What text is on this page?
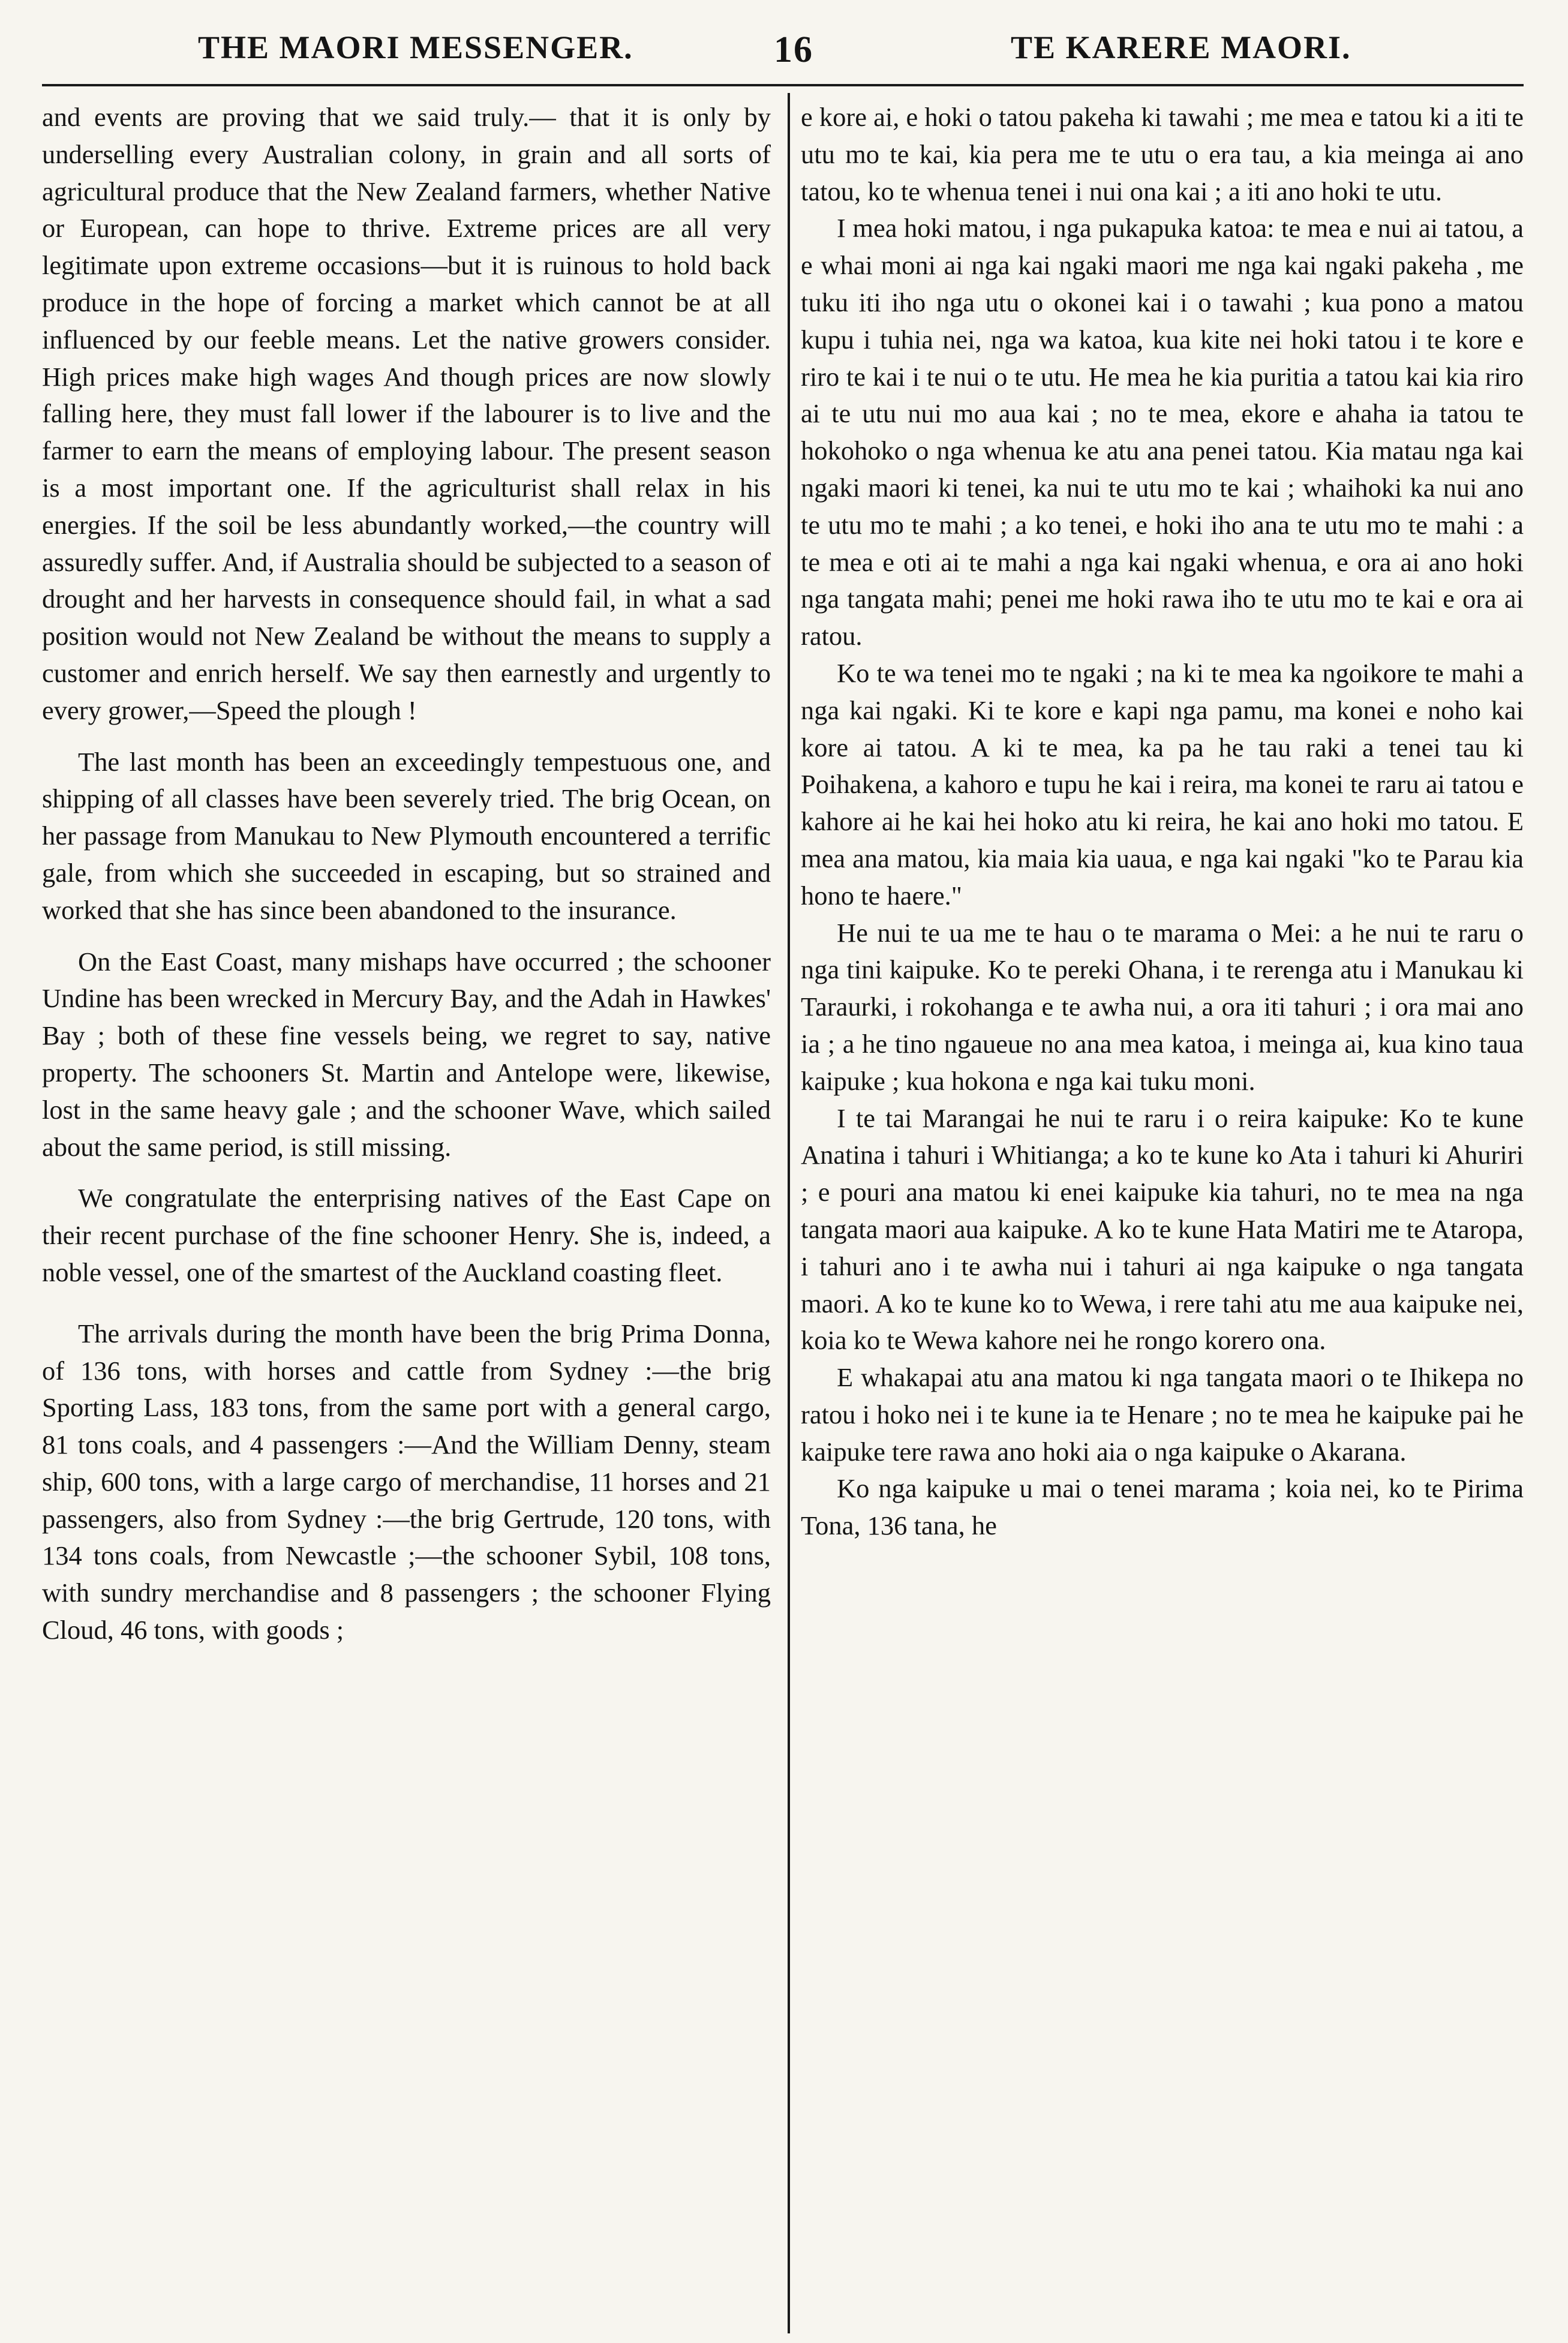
THE MAORI MESSENGER.	16	TE KARERE MAORI.

and events are proving that we said truly.— that it is only by underselling every Australian colony, in grain and all sorts of agricultural produce that the New Zealand farmers, whether Native or European, can hope to thrive. Extreme prices are all very legitimate upon extreme occasions—but it is ruinous to hold back produce in the hope of forcing a market which cannot be at all influenced by our feeble means. Let the native growers consider. High prices make high wages And though prices are now slowly falling here, they must fall lower if the labourer is to live and the farmer to earn the means of employing labour. The present season is a most important one. If the agriculturist shall relax in his energies. If the soil be less abundantly worked,—the country will assuredly suffer. And, if Australia should be subjected to a season of drought and her harvests in consequence should fail, in what a sad position would not New Zealand be without the means to supply a customer and enrich herself. We say then earnestly and urgently to every grower,—Speed the plough !

The last month has been an exceedingly tempestuous one, and shipping of all classes have been severely tried. The brig Ocean, on her passage from Manukau to New Plymouth encountered a terrific gale, from which she succeeded in escaping, but so strained and worked that she has since been abandoned to the insurance.

On the East Coast, many mishaps have occurred ; the schooner Undine has been wrecked in Mercury Bay, and the Adah in Hawkes' Bay ; both of these fine vessels being, we regret to say, native property. The schooners St. Martin and Antelope were, likewise, lost in the same heavy gale ; and the schooner Wave, which sailed about the same period, is still missing.

We congratulate the enterprising natives of the East Cape on their recent purchase of the fine schooner Henry. She is, indeed, a noble vessel, one of the smartest of the Auckland coasting fleet.

The arrivals during the month have been the brig Prima Donna, of 136 tons, with horses and cattle from Sydney :—the brig Sporting Lass, 183 tons, from the same port with a general cargo, 81 tons coals, and 4 passengers :—And the William Denny, steam ship, 600 tons, with a large cargo of merchandise, 11 horses and 21 passengers, also from Sydney :—the brig Gertrude, 120 tons, with 134 tons coals, from Newcastle ;—the schooner Sybil, 108 tons, with sundry merchandise and 8 passengers ; the schooner Flying Cloud, 46 tons, with goods ;

e kore ai, e hoki o tatou pakeha ki tawahi ; me mea e tatou ki a iti te utu mo te kai, kia pera me te utu o era tau, a kia meinga ai ano tatou, ko te whenua tenei i nui ona kai ; a iti ano hoki te utu.

I mea hoki matou, i nga pukapuka katoa: te mea e nui ai tatou, a e whai moni ai nga kai ngaki maori me nga kai ngaki pakeha , me tuku iti iho nga utu o okonei kai i o tawahi ; kua pono a matou kupu i tuhia nei, nga wa katoa, kua kite nei hoki tatou i te kore e riro te kai i te nui o te utu. He mea he kia puritia a tatou kai kia riro ai te utu nui mo aua kai ; no te mea, ekore e ahaha ia tatou te hokohoko o nga whenua ke atu ana penei tatou. Kia matau nga kai ngaki maori ki tenei, ka nui te utu mo te kai ; whaihoki ka nui ano te utu mo te mahi ; a ko tenei, e hoki iho ana te utu mo te mahi : a te mea e oti ai te mahi a nga kai ngaki whenua, e ora ai ano hoki nga tangata mahi; penei me hoki rawa iho te utu mo te kai e ora ai ratou.

Ko te wa tenei mo te ngaki ; na ki te mea ka ngoikore te mahi a nga kai ngaki. Ki te kore e kapi nga pamu, ma konei e noho kai kore ai tatou. A ki te mea, ka pa he tau raki a tenei tau ki Poihakena, a kahoro e tupu he kai i reira, ma konei te raru ai tatou e kahore ai he kai hei hoko atu ki reira, he kai ano hoki mo tatou. E mea ana matou, kia maia kia uaua, e nga kai ngaki "ko te Parau kia hono te haere."

He nui te ua me te hau o te marama o Mei: a he nui te raru o nga tini kaipuke. Ko te pereki Ohana, i te rerenga atu i Manukau ki Taraurki, i rokohanga e te awha nui, a ora iti tahuri ; i ora mai ano ia ; a he tino ngaueue no ana mea katoa, i meinga ai, kua kino taua kaipuke ; kua hokona e nga kai tuku moni.

I te tai Marangai he nui te raru i o reira kaipuke: Ko te kune Anatina i tahuri i Whitianga; a ko te kune ko Ata i tahuri ki Ahuriri ; e pouri ana matou ki enei kaipuke kia tahuri, no te mea na nga tangata maori aua kaipuke. A ko te kune Hata Matiri me te Ataropa, i tahuri ano i te awha nui i tahuri ai nga kaipuke o nga tangata maori. A ko te kune ko to Wewa, i rere tahi atu me aua kaipuke nei, koia ko te Wewa kahore nei he rongo korero ona.

E whakapai atu ana matou ki nga tangata maori o te Ihikepa no ratou i hoko nei i te kune ia te Henare ; no te mea he kaipuke pai he kaipuke tere rawa ano hoki aia o nga kaipuke o Akarana.

Ko nga kaipuke u mai o tenei marama ; koia nei, ko te Pirima Tona, 136 tana, he
